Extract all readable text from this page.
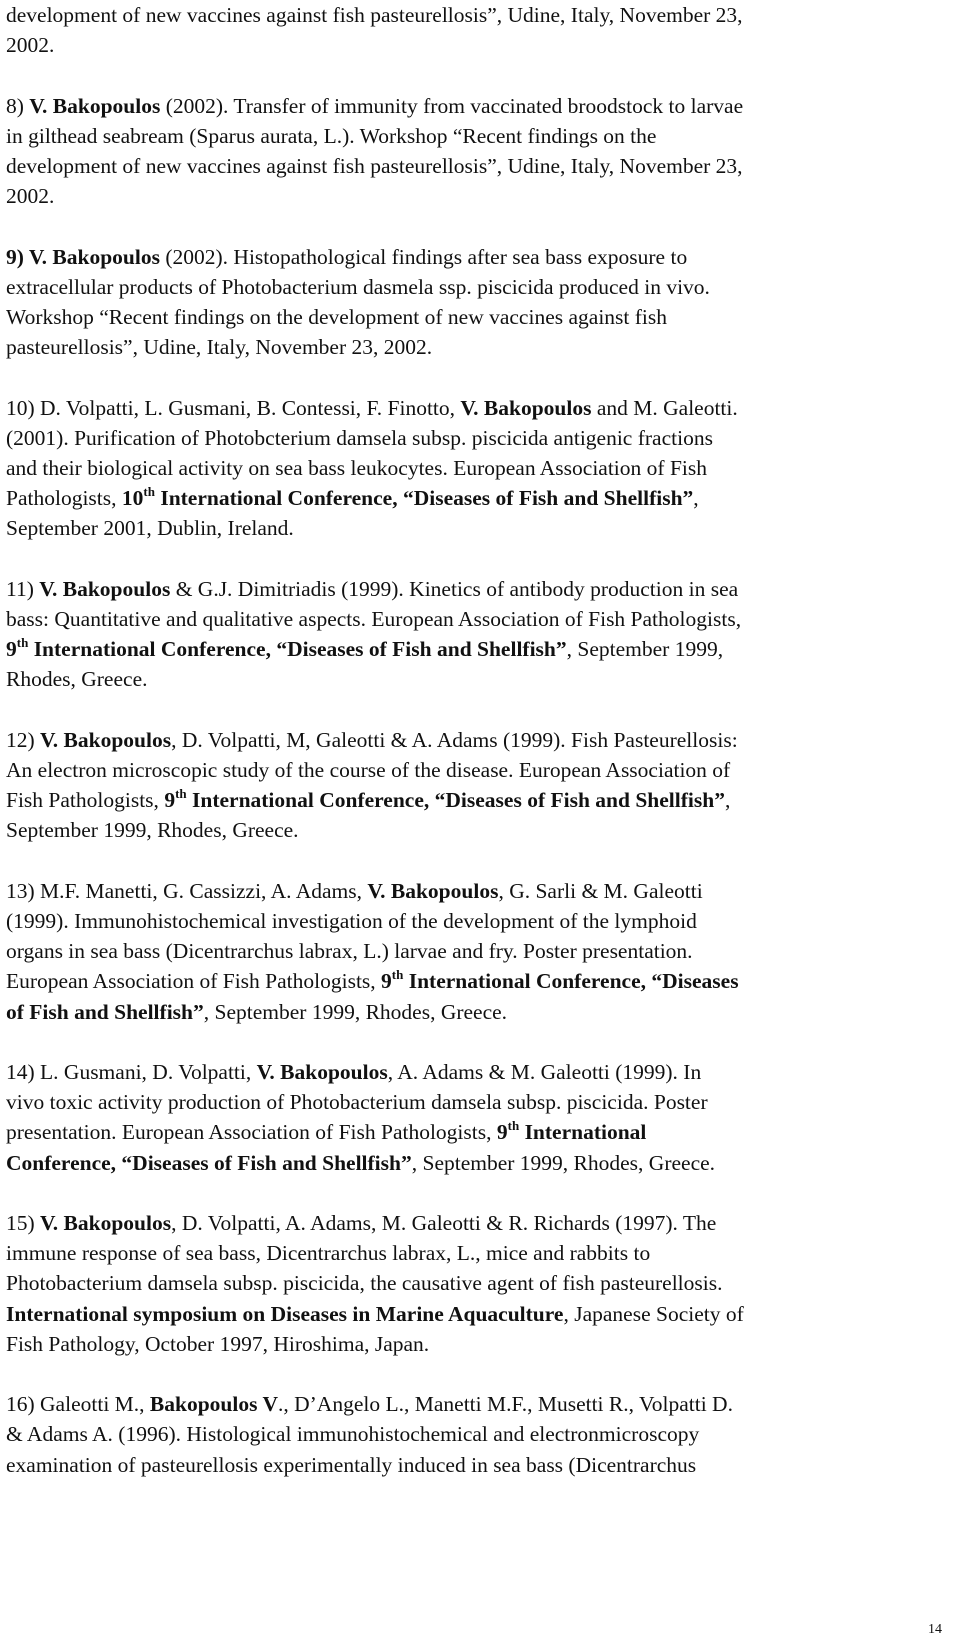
development of new vaccines against fish pasteurellosis”, Udine, Italy, November 23,
2002.
8) V. Bakopoulos (2002). Transfer of immunity from vaccinated broodstock to larvae
in gilthead seabream (Sparus aurata, L.). Workshop “Recent findings on the
development of new vaccines against fish pasteurellosis”, Udine, Italy, November 23,
2002.
9) V. Bakopoulos (2002). Histopathological findings after sea bass exposure to
extracellular products of Photobacterium dasmela ssp. piscicida produced in vivo.
Workshop “Recent findings on the development of new vaccines against fish
pasteurellosis”, Udine, Italy, November 23, 2002.
10) D. Volpatti, L. Gusmani, B. Contessi, F. Finotto, V. Bakopoulos and M. Galeotti.
(2001). Purification of Photobcterium damsela subsp. piscicida antigenic fractions
and their biological activity on sea bass leukocytes. European Association of Fish
Pathologists, 10th International Conference, “Diseases of Fish and Shellfish”,
September 2001, Dublin, Ireland.
11) V. Bakopoulos & G.J. Dimitriadis (1999). Kinetics of antibody production in sea
bass: Quantitative and qualitative aspects. European Association of Fish Pathologists,
9th International Conference, “Diseases of Fish and Shellfish”, September 1999,
Rhodes, Greece.
12) V. Bakopoulos, D. Volpatti, M, Galeotti & A. Adams (1999). Fish Pasteurellosis:
An electron microscopic study of the course of the disease. European Association of
Fish Pathologists, 9th International Conference, “Diseases of Fish and Shellfish”,
September 1999, Rhodes, Greece.
13) M.F. Manetti, G. Cassizzi, A. Adams, V. Bakopoulos, G. Sarli & M. Galeotti
(1999). Immunohistochemical investigation of the development of the lymphoid
organs in sea bass (Dicentrarchus labrax, L.) larvae and fry. Poster presentation.
European Association of Fish Pathologists, 9th International Conference, “Diseases
of Fish and Shellfish”, September 1999, Rhodes, Greece.
14) L. Gusmani, D. Volpatti, V. Bakopoulos, A. Adams & M. Galeotti (1999). In
vivo toxic activity production of Photobacterium damsela subsp. piscicida. Poster
presentation. European Association of Fish Pathologists, 9th International
Conference, “Diseases of Fish and Shellfish”, September 1999, Rhodes, Greece.
15) V. Bakopoulos, D. Volpatti, A. Adams, M. Galeotti & R. Richards (1997). The
immune response of sea bass, Dicentrarchus labrax, L., mice and rabbits to
Photobacterium damsela subsp. piscicida, the causative agent of fish pasteurellosis.
International symposium on Diseases in Marine Aquaculture, Japanese Society of
Fish Pathology, October 1997, Hiroshima, Japan.
16) Galeotti M., Bakopoulos V., D’Angelo L., Manetti M.F., Musetti R., Volpatti D.
& Adams A. (1996). Histological immunohistochemical and electronmicroscopy
examination of pasteurellosis experimentally induced in sea bass (Dicentrarchus
14
